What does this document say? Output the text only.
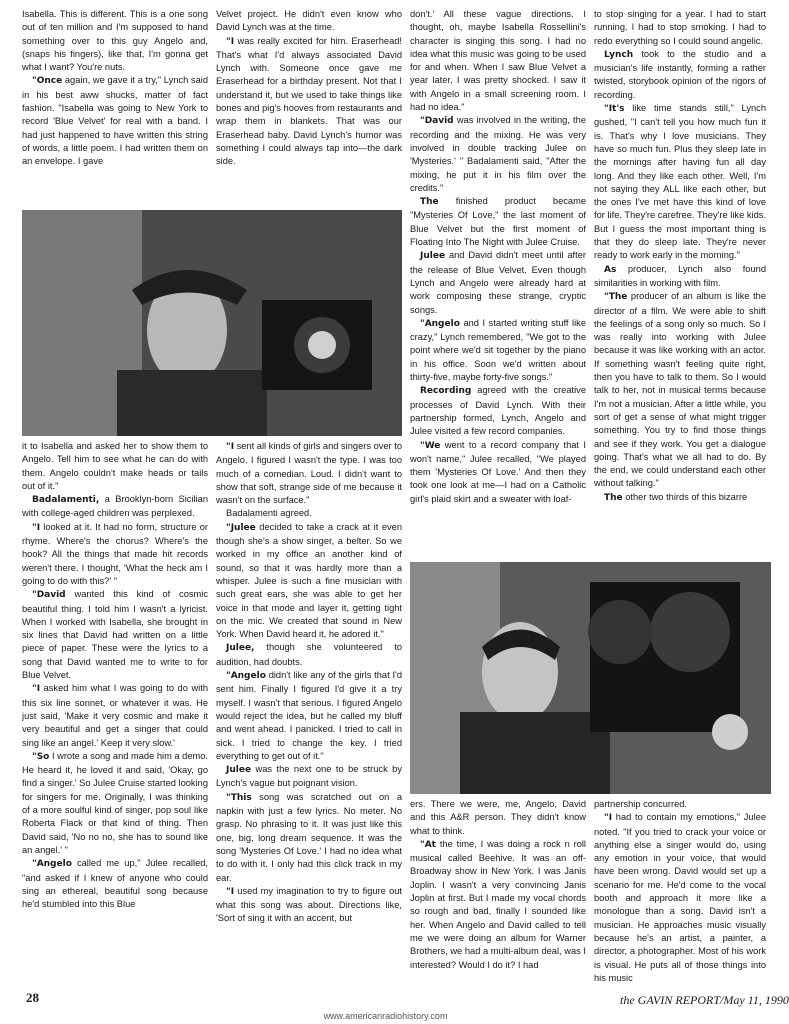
Isabella. This is different. This is a one song out of ten million and I'm supposed to hand something over to this guy Angelo and, (snaps his fingers), like that, I'm gonna get what I want? You're nuts.

"Once again, we gave it a try," Lynch said in his best aww shucks, matter of fact fashion. "Isabella was going to New York to record 'Blue Velvet' for real with a band. I had just happened to have written this string of words, a little poem. I had written them on an envelope. I gave

Velvet project. He didn't even know who David Lynch was at the time.

"I was really excited for him. Eraserhead! That's what I'd always associated David Lynch with. Someone once gave me Eraserhead for a birthday present. Not that I understand it, but we used to take things like bones and pig's hooves from restaurants and wrap them in blankets. That was our Eraserhead baby. David Lynch's humor was something I could always tap into—the dark side.

it to Isabella and asked her to show them to Angelo. Tell him to see what he can do with them. Angelo couldn't make heads or tails out of it."

Badalamenti, a Brooklyn-born Sicilian with college-aged children was perplexed.

"I looked at it. It had no form, structure or rhyme. Where's the chorus? Where's the hook? All the things that made hit records weren't there. I thought, 'What the heck am I going to do with this?' "

"David wanted this kind of cosmic beautiful thing. I told him I wasn't a lyricist. When I worked with Isabella, she brought in six lines that David had written on a little piece of paper. These were the lyrics to a song that David wanted me to write to for Blue Velvet.

"I asked him what I was going to do with this six line sonnet, or whatever it was. He just said, 'Make it very cosmic and make it very beautiful and get a singer that could sing like an angel.' Keep it very slow.'

"So I wrote a song and made him a demo. He heard it, he loved it and said, 'Okay, go find a singer.' So Julee Cruise started looking for singers for me. Originally, I was thinking of a more soulful kind of singer, pop soul like Roberta Flack or that kind of thing. Then David said, 'No no no, she has to sound like an angel.' "

"Angelo called me up," Julee recalled, "and asked if I knew of anyone who could sing an ethereal, beautiful song because he'd stumbled into this Blue

"I sent all kinds of girls and singers over to Angelo. I figured I wasn't the type. I was too much of a comedian. Loud. I didn't want to show that soft, strange side of me because it wasn't on the surface."

Badalamenti agreed.

"Julee decided to take a crack at it even though she's a show singer, a belter. So we worked in my office an another kind of sound, so that it was hardly more than a whisper. Julee is such a fine musician with such great ears, she was able to get her voice in that mode and layer it, getting tight on the mic. We created that sound in New York. When David heard it, he adored it."

Julee, though she volunteered to audition, had doubts.

"Angelo didn't like any of the girls that I'd sent him. Finally I figured I'd give it a try myself. I wasn't that serious. I figured Angelo would reject the idea, but he called my bluff and went ahead. I panicked. I tried to call in sick. I tried to change the key. I tried everything to get out of it."

Julee was the next one to be struck by Lynch's vague but poignant vision.

"This song was scratched out on a napkin with just a few lyrics. No meter. No grasp. No phrasing to it. It was just like this one, big, long dream sequence. It was the song 'Mysteries Of Love.' I had no idea what to do with it. I only had this click track in my ear.

"I used my imagination to try to figure out what this song was about. Directions like, 'Sort of sing it with an accent, but

don't.' All these vague directions. I thought, oh, maybe Isabella Rossellini's character is singing this song. I had no idea what this music was going to be used for and when. When I saw Blue Velvet a year later, I was pretty shocked. I saw it with Angelo in a small screening room. I had no idea."

"David was involved in the writing, the recording and the mixing. He was very involved in double tracking Julee on 'Mysteries.' " Badalamenti said, "After the mixing, he put it in his film over the credits."

The finished product became "Mysteries Of Love," the last moment of Blue Velvet but the first moment of Floating Into The Night with Julee Cruise.

Julee and David didn't meet until after the release of Blue Velvet. Even though Lynch and Angelo were already hard at work composing these strange, cryptic songs.

"Angelo and I started writing stuff like crazy," Lynch remembered, "We got to the point where we'd sit together by the piano in his office. Soon we'd written about thirty-five, maybe forty-five songs."

Recording agreed with the creative processes of David Lynch. With their partnership formed, Lynch, Angelo and Julee visited a few record companies.

"We went to a record company that I won't name," Julee recalled, "We played them 'Mysteries Of Love.' And then they took one look at me—I had on a Catholic girl's plaid skirt and a sweater with loaf-

to stop singing for a year. I had to start running. I had to stop smoking. I had to redo everything so I could sound angelic.

Lynch took to the studio and a musician's life instantly, forming a rather twisted, storybook opinion of the rigors of recording.

"It's like time stands still," Lynch gushed, "I can't tell you how much fun it is. That's why I love musicians. They have so much fun. Plus they sleep late in the mornings after having fun all day long. And they like each other. Well, I'm not saying they ALL like each other, but the ones I've met have this kind of love for life. They're carefree. They're like kids. But I guess the most important thing is that they do sleep late. They're never ready to work early in the morning."

As producer, Lynch also found similarities in working with film.

"The producer of an album is like the director of a film. We were able to shift the feelings of a song only so much. So I was really into working with Julee because it was like working with an actor. If something wasn't feeling quite right, then you have to talk to them. So I would talk to her, not in musical terms because I'm not a musician. After a little while, you sort of get a sense of what might trigger something. You try to find those things and see if they work. You get a dialogue going. That's what we all had to do. By the end, we could understand each other without talking."

The other two thirds of this bizarre

ers. There we were, me, Angelo, David and this A&R person. They didn't know what to think.

"At the time, I was doing a rock n roll musical called Beehive. It was an off-Broadway show in New York. I was Janis Joplin. I wasn't a very convincing Janis Joplin at first. But I made my vocal chords so rough and bad, finally I sounded like her. When Angelo and David called to tell me we were doing an album for Warner Brothers, we had a multi-album deal, was I interested? Would I do it? I had

partnership concurred.

"I had to contain my emotions," Julee noted. "If you tried to crack your voice or anything else a singer would do, using any emotion in your voice, that would have been wrong. David would set up a scenario for me. He'd come to the vocal booth and approach it more like a monologue than a song. David isn't a musician. He approaches music visually because he's an artist, a painter, a director, a photographer. Most of his work is visual. He puts all of those things into his music

28	the GAVIN REPORT/May 11, 1990
www.americanradiohistory.com
